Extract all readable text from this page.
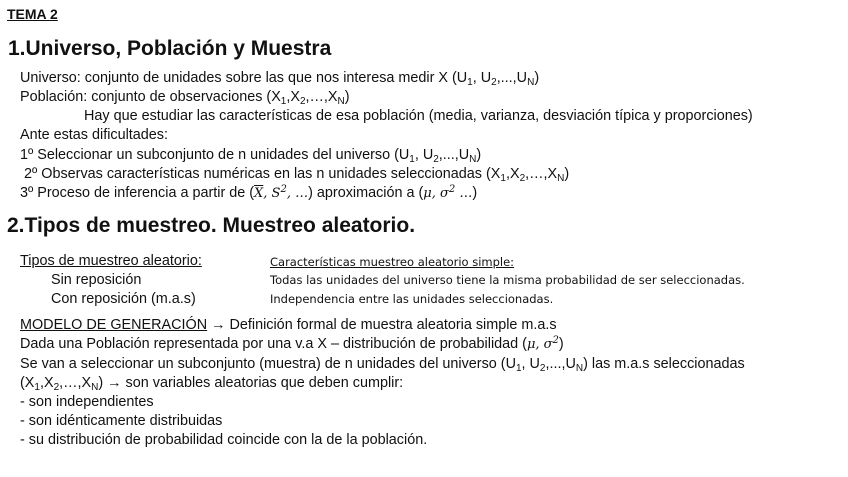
TEMA 2
1.Universo, Población y Muestra
Universo: conjunto de unidades sobre las que nos interesa medir X ($U_1$, $U_2,...,U_N$)
Población: conjunto de observaciones $(X_1,X_2,\dots,X_N)$
Hay que estudiar las características de esa población (media, varianza, desviación típica y proporciones)
Ante estas dificultades:
1º Seleccionar un subconjunto de n unidades del universo ($U_1$, $U_2,...,U_N$)
2º Observas características numéricas en las n unidades seleccionadas $(X_1,X_2,\dots,X_N)$
3º Proceso de inferencia a partir de ($\overline{X}$, $S^2$, …) aproximación a (μ, $\sigma^2$ …)
2.Tipos de muestreo. Muestreo aleatorio.
Tipos de muestreo aleatorio:
Sin reposición
Con reposición (m.a.s)
Características muestreo aleatorio simple:
Todas las unidades del universo tiene la misma probabilidad de ser seleccionadas.
Independencia entre las unidades seleccionadas.
MODELO DE GENERACIÓN → Definición formal de muestra aleatoria simple m.a.s
Dada una Población representada por una v.a X – distribución de probabilidad (μ, $\sigma^2$)
Se van a seleccionar un subconjunto (muestra) de n unidades del universo ($U_1$, $U_2,...,U_N$) las m.a.s seleccionadas
$(X_1,X_2,\dots,X_N)$ → son variables aleatorias que deben cumplir:
- son independientes
- son idénticamente distribuidas
- su distribución de probabilidad coincide con la de la población.
